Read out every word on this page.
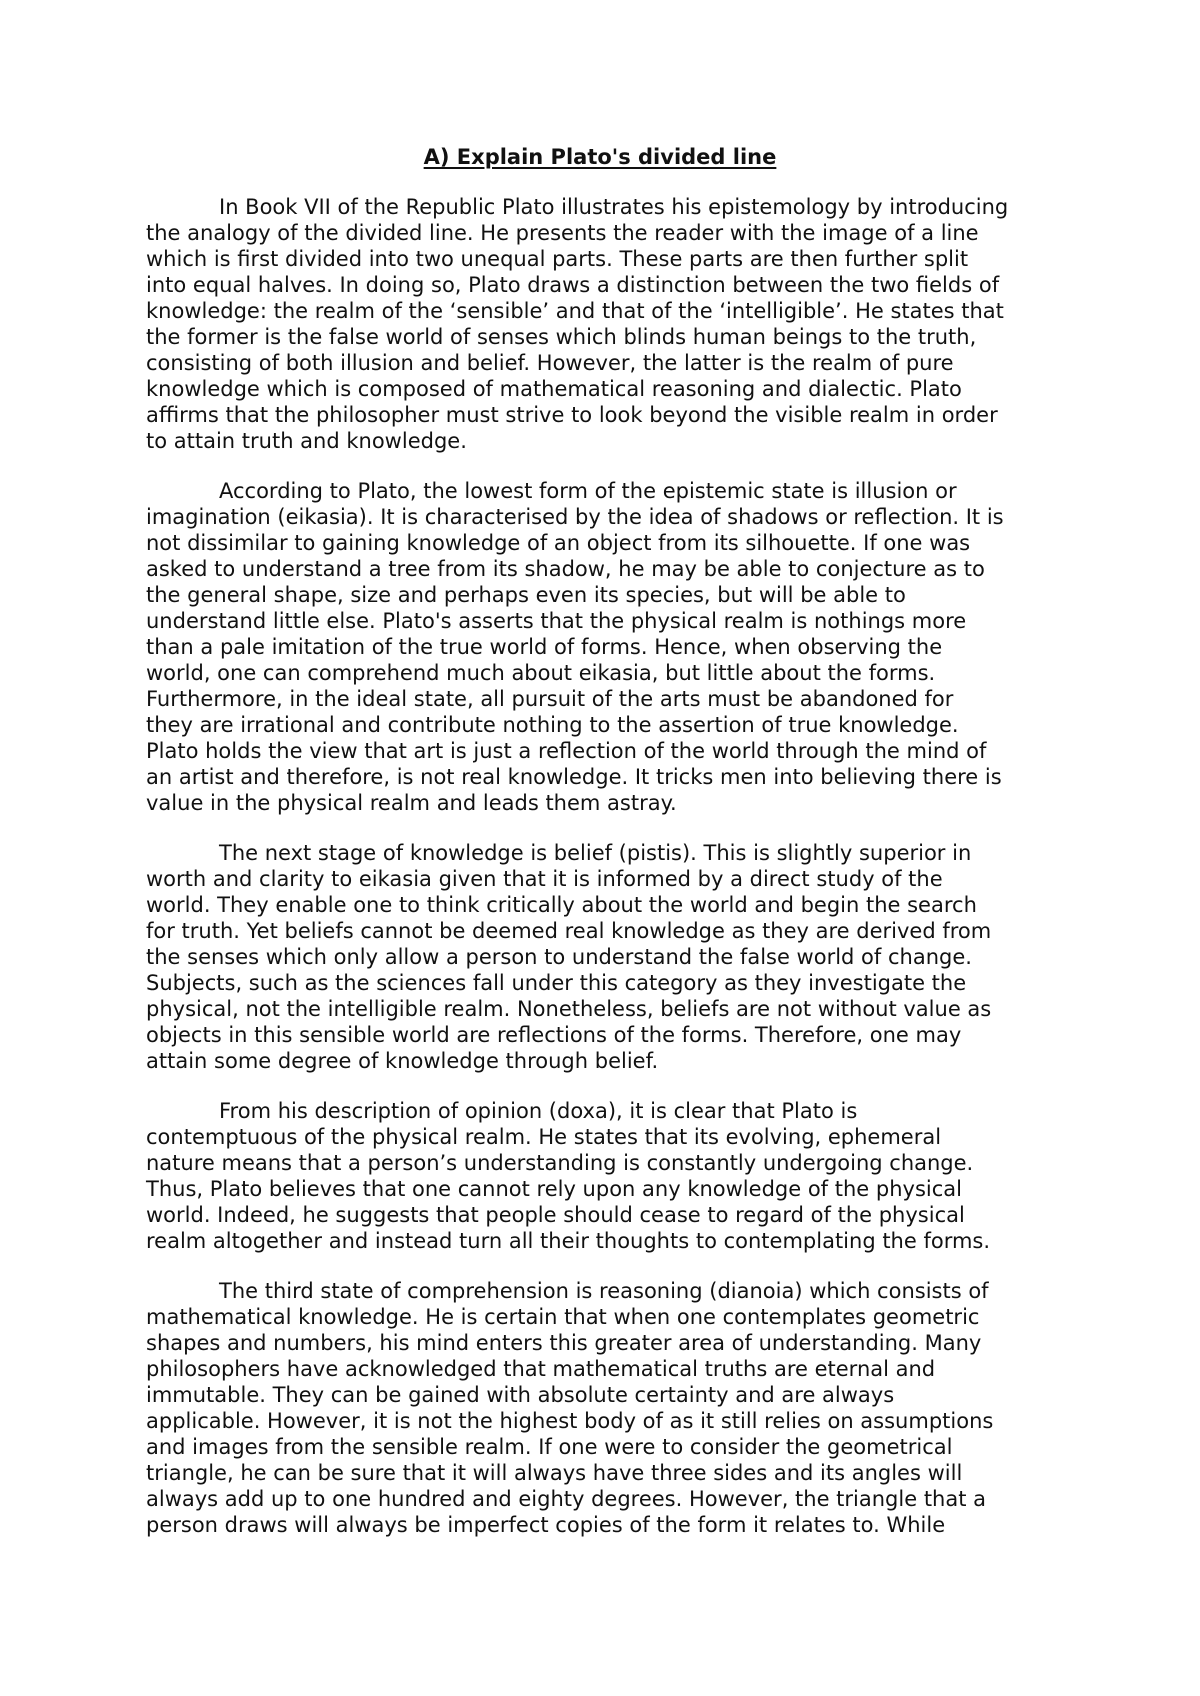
A) Explain Plato's divided line

In Book VII of the Republic Plato illustrates his epistemology by introducing
the analogy of the divided line. He presents the reader with the image of a line
which is first divided into two unequal parts. These parts are then further split
into equal halves. In doing so, Plato draws a distinction between the two fields of
knowledge: the realm of the ‘sensible’ and that of the ‘intelligible’. He states that
the former is the false world of senses which blinds human beings to the truth,
consisting of both illusion and belief. However, the latter is the realm of pure
knowledge which is composed of mathematical reasoning and dialectic. Plato
affirms that the philosopher must strive to look beyond the visible realm in order
to attain truth and knowledge.

According to Plato, the lowest form of the epistemic state is illusion or
imagination (eikasia). It is characterised by the idea of shadows or reflection. It is
not dissimilar to gaining knowledge of an object from its silhouette. If one was
asked to understand a tree from its shadow, he may be able to conjecture as to
the general shape, size and perhaps even its species, but will be able to
understand little else. Plato's asserts that the physical realm is nothings more
than a pale imitation of the true world of forms. Hence, when observing the
world, one can comprehend much about eikasia, but little about the forms.
Furthermore, in the ideal state, all pursuit of the arts must be abandoned for
they are irrational and contribute nothing to the assertion of true knowledge.
Plato holds the view that art is just a reflection of the world through the mind of
an artist and therefore, is not real knowledge. It tricks men into believing there is
value in the physical realm and leads them astray.

The next stage of knowledge is belief (pistis). This is slightly superior in
worth and clarity to eikasia given that it is informed by a direct study of the
world. They enable one to think critically about the world and begin the search
for truth. Yet beliefs cannot be deemed real knowledge as they are derived from
the senses which only allow a person to understand the false world of change.
Subjects, such as the sciences fall under this category as they investigate the
physical, not the intelligible realm. Nonetheless, beliefs are not without value as
objects in this sensible world are reflections of the forms. Therefore, one may
attain some degree of knowledge through belief.

From his description of opinion (doxa), it is clear that Plato is
contemptuous of the physical realm. He states that its evolving, ephemeral
nature means that a person’s understanding is constantly undergoing change.
Thus, Plato believes that one cannot rely upon any knowledge of the physical
world. Indeed, he suggests that people should cease to regard of the physical
realm altogether and instead turn all their thoughts to contemplating the forms.

The third state of comprehension is reasoning (dianoia) which consists of
mathematical knowledge. He is certain that when one contemplates geometric
shapes and numbers, his mind enters this greater area of understanding. Many
philosophers have acknowledged that mathematical truths are eternal and
immutable. They can be gained with absolute certainty and are always
applicable. However, it is not the highest body of as it still relies on assumptions
and images from the sensible realm. If one were to consider the geometrical
triangle, he can be sure that it will always have three sides and its angles will
always add up to one hundred and eighty degrees. However, the triangle that a
person draws will always be imperfect copies of the form it relates to. While
